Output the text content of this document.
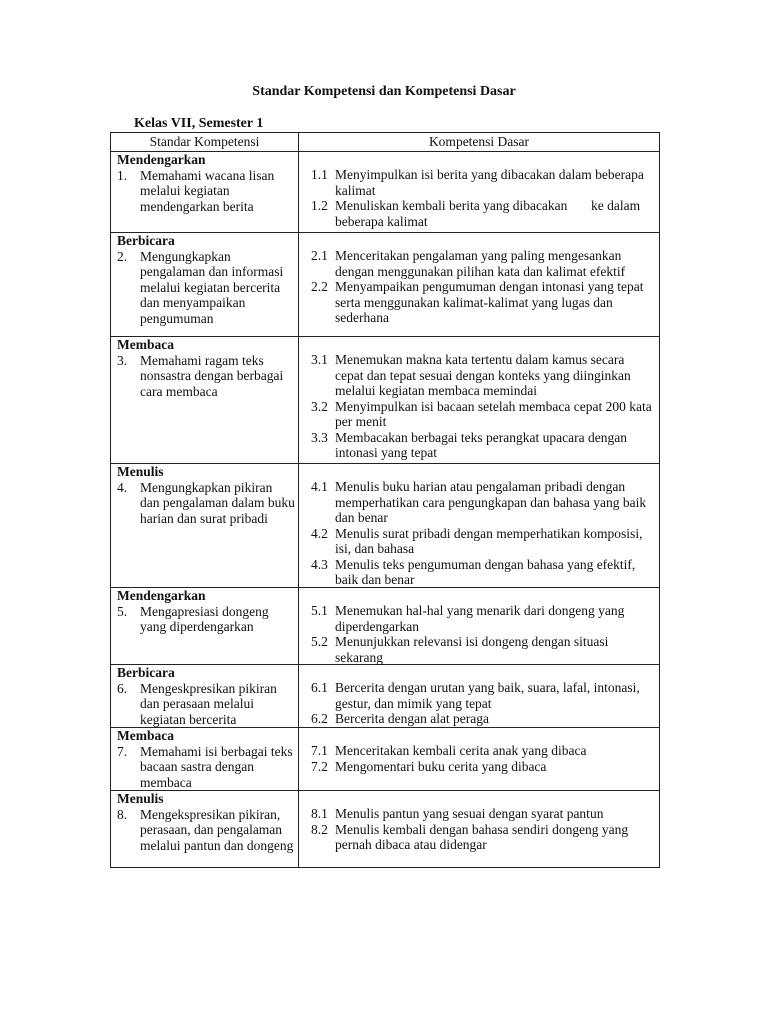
Standar Kompetensi dan Kompetensi Dasar
Kelas VII, Semester 1
Standar Kompetensi	Kompetensi Dasar
Mendengarkan
1. Memahami wacana lisan melalui kegiatan mendengarkan berita
1.1 Menyimpulkan isi berita yang dibacakan dalam beberapa kalimat
1.2 Menuliskan kembali berita yang dibacakan       ke dalam beberapa kalimat
Berbicara
2. Mengungkapkan pengalaman dan informasi melalui kegiatan bercerita dan menyampaikan pengumuman
2.1 Menceritakan pengalaman yang paling mengesankan dengan menggunakan pilihan kata dan kalimat efektif
2.2 Menyampaikan pengumuman dengan intonasi yang tepat serta menggunakan kalimat-kalimat yang lugas dan sederhana
Membaca
3. Memahami ragam teks nonsastra dengan berbagai cara membaca
3.1 Menemukan makna kata tertentu dalam kamus secara cepat dan tepat sesuai dengan konteks yang diinginkan melalui kegiatan membaca memindai
3.2 Menyimpulkan isi bacaan setelah membaca cepat 200 kata per menit
3.3 Membacakan berbagai teks perangkat upacara dengan intonasi yang tepat
Menulis
4. Mengungkapkan pikiran dan pengalaman dalam buku harian dan surat pribadi
4.1 Menulis buku harian atau pengalaman pribadi dengan memperhatikan cara pengungkapan dan bahasa yang baik dan benar
4.2 Menulis surat pribadi dengan memperhatikan komposisi, isi, dan bahasa
4.3 Menulis teks pengumuman dengan bahasa yang efektif, baik dan benar
Mendengarkan
5. Mengapresiasi dongeng yang diperdengarkan
5.1 Menemukan hal-hal yang menarik dari dongeng yang diperdengarkan
5.2 Menunjukkan relevansi isi dongeng dengan situasi sekarang
Berbicara
6. Mengeskpresikan pikiran dan perasaan melalui kegiatan bercerita
6.1 Bercerita dengan urutan yang baik, suara, lafal, intonasi, gestur, dan mimik yang tepat
6.2 Bercerita dengan alat peraga
Membaca
7. Memahami isi berbagai teks bacaan sastra dengan membaca
7.1 Menceritakan kembali cerita anak yang dibaca
7.2 Mengomentari buku cerita yang dibaca
Menulis
8. Mengekspresikan pikiran, perasaan, dan pengalaman melalui pantun dan dongeng
8.1 Menulis pantun yang sesuai dengan syarat pantun
8.2 Menulis kembali dengan bahasa sendiri dongeng yang pernah dibaca atau didengar
